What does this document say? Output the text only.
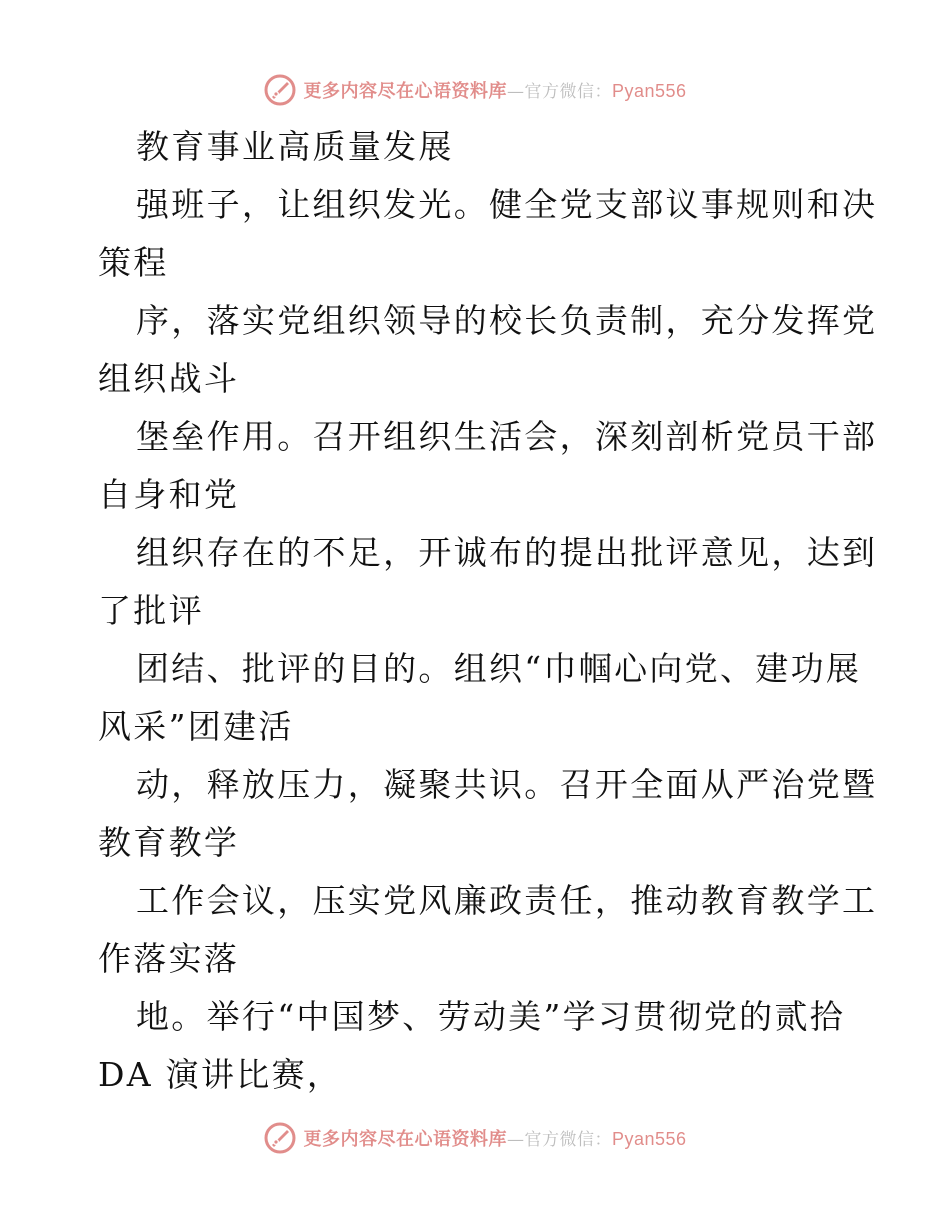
更多内容尽在心语资料库—官方微信：Pyan556
教育事业高质量发展
强班子，让组织发光。健全党支部议事规则和决
策程
序，落实党组织领导的校长负责制，充分发挥党
组织战斗
堡垒作用。召开组织生活会，深刻剖析党员干部
自身和党
组织存在的不足，开诚布的提出批评意见，达到
了批评
团结、批评的目的。组织“巾帼心向党、建功展
风采”团建活
动，释放压力，凝聚共识。召开全面从严治党暨
教育教学
工作会议，压实党风廉政责任，推动教育教学工
作落实落
地。举行“中国梦、劳动美”学习贯彻党的贰拾
DA 演讲比赛，
更多内容尽在心语资料库—官方微信：Pyan556
